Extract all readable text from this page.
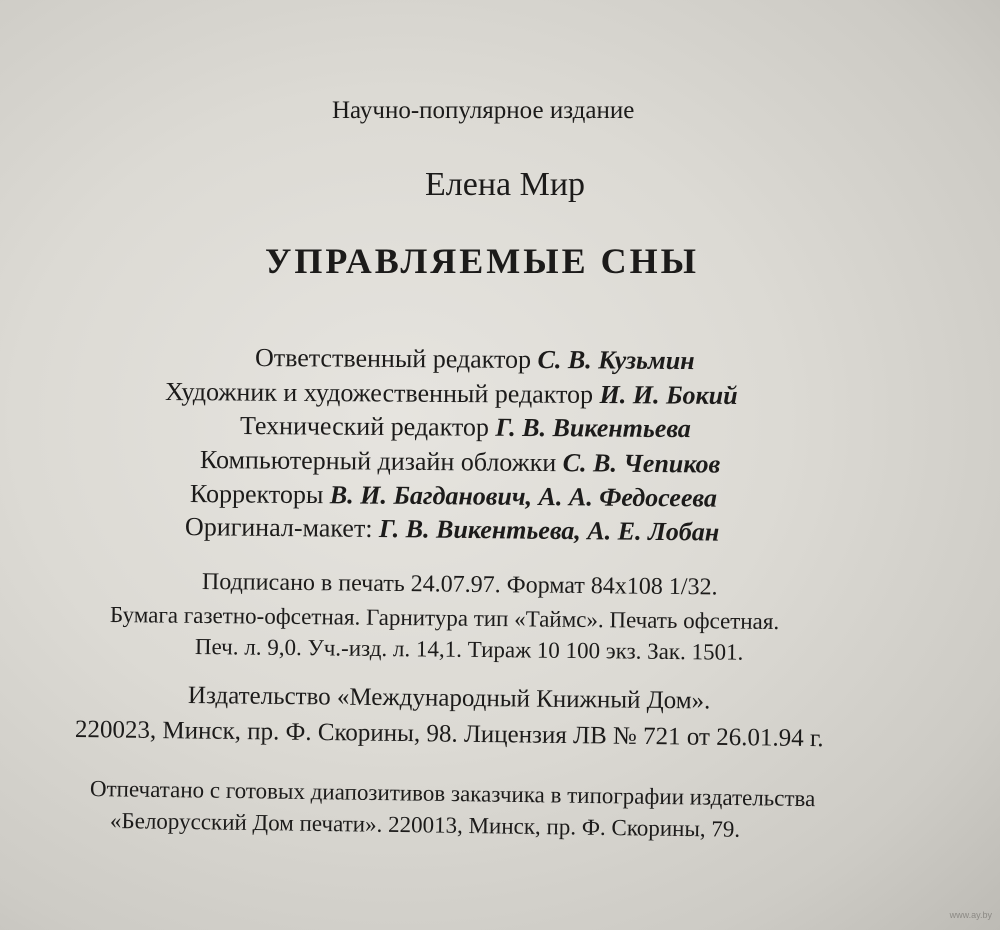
Научно-популярное издание
Елена Мир
УПРАВЛЯЕМЫЕ СНЫ
Ответственный редактор С. В. Кузьмин
Художник и художественный редактор И. И. Бокий
Технический редактор Г. В. Викентьева
Компьютерный дизайн обложки С. В. Чепиков
Корректоры В. И. Багданович, А. А. Федосеева
Оригинал-макет: Г. В. Викентьева, А. Е. Лобан
Подписано в печать 24.07.97. Формат 84x108 1/32.
Бумага газетно-офсетная. Гарнитура тип «Таймс». Печать офсетная.
Печ. л. 9,0. Уч.-изд. л. 14,1. Тираж 10 100 экз. Зак. 1501.
Издательство «Международный Книжный Дом».
220023, Минск, пр. Ф. Скорины, 98. Лицензия ЛВ № 721 от 26.01.94 г.
Отпечатано с готовых диапозитивов заказчика в типографии издательства
«Белорусский Дом печати». 220013, Минск, пр. Ф. Скорины, 79.
www.ay.by
